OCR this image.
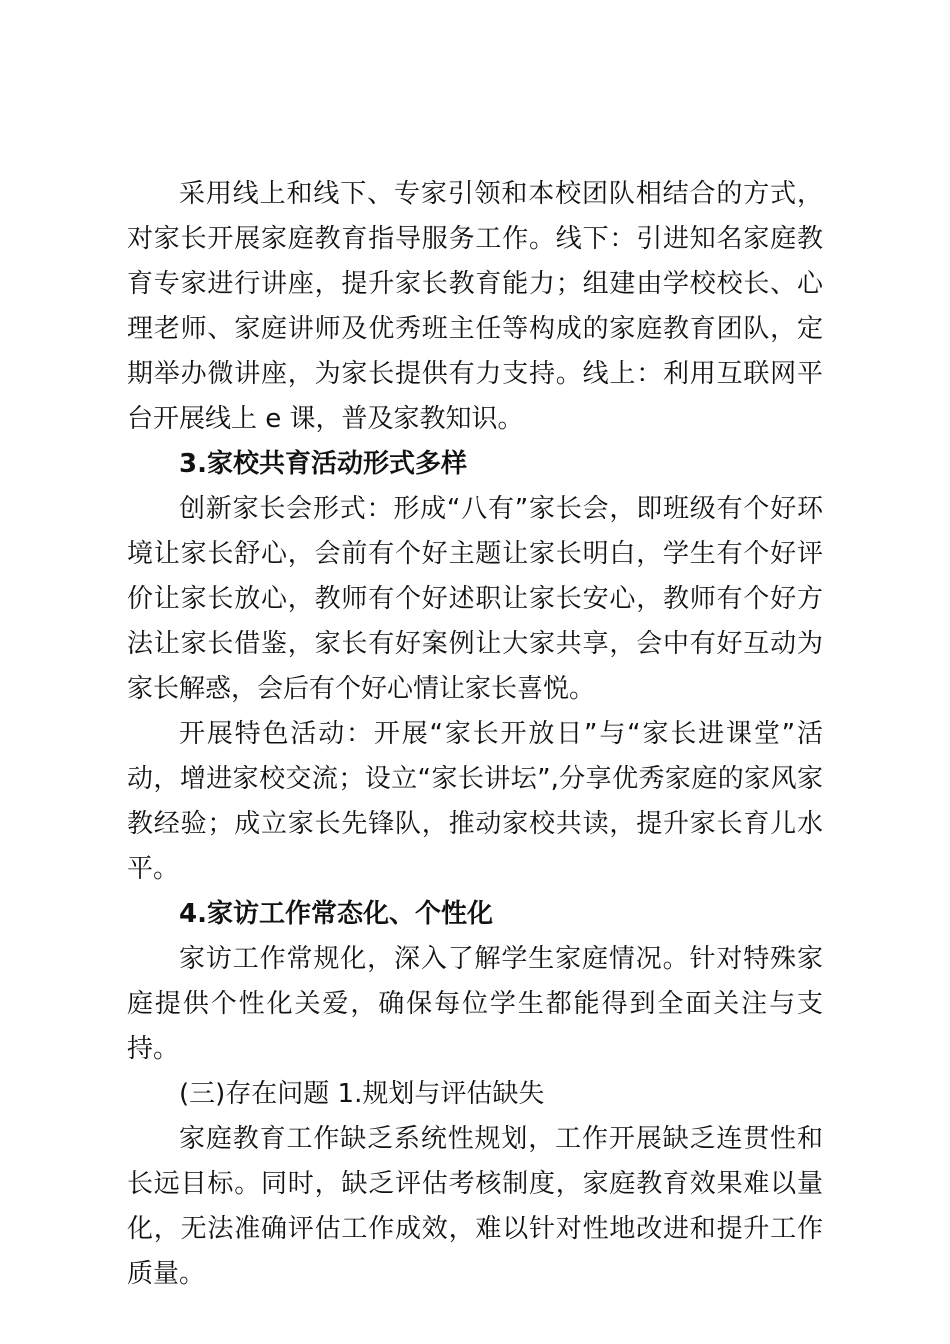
采用线上和线下、专家引领和本校团队相结合的方式，对家长开展家庭教育指导服务工作。线下：引进知名家庭教育专家进行讲座，提升家长教育能力；组建由学校校长、心理老师、家庭讲师及优秀班主任等构成的家庭教育团队，定期举办微讲座，为家长提供有力支持。线上：利用互联网平台开展线上 e 课，普及家教知识。

3.家校共育活动形式多样

创新家长会形式：形成“八有”家长会，即班级有个好环境让家长舒心，会前有个好主题让家长明白，学生有个好评价让家长放心，教师有个好述职让家长安心，教师有个好方法让家长借鉴，家长有好案例让大家共享，会中有好互动为家长解惑，会后有个好心情让家长喜悦。

开展特色活动：开展“家长开放日”与“家长进课堂”活动，增进家校交流；设立“家长讲坛”,分享优秀家庭的家风家教经验；成立家长先锋队，推动家校共读，提升家长育儿水平。

4.家访工作常态化、个性化

家访工作常规化，深入了解学生家庭情况。针对特殊家庭提供个性化关爱，确保每位学生都能得到全面关注与支持。

(三)存在问题 1.规划与评估缺失

家庭教育工作缺乏系统性规划，工作开展缺乏连贯性和长远目标。同时，缺乏评估考核制度，家庭教育效果难以量化，无法准确评估工作成效，难以针对性地改进和提升工作质量。
